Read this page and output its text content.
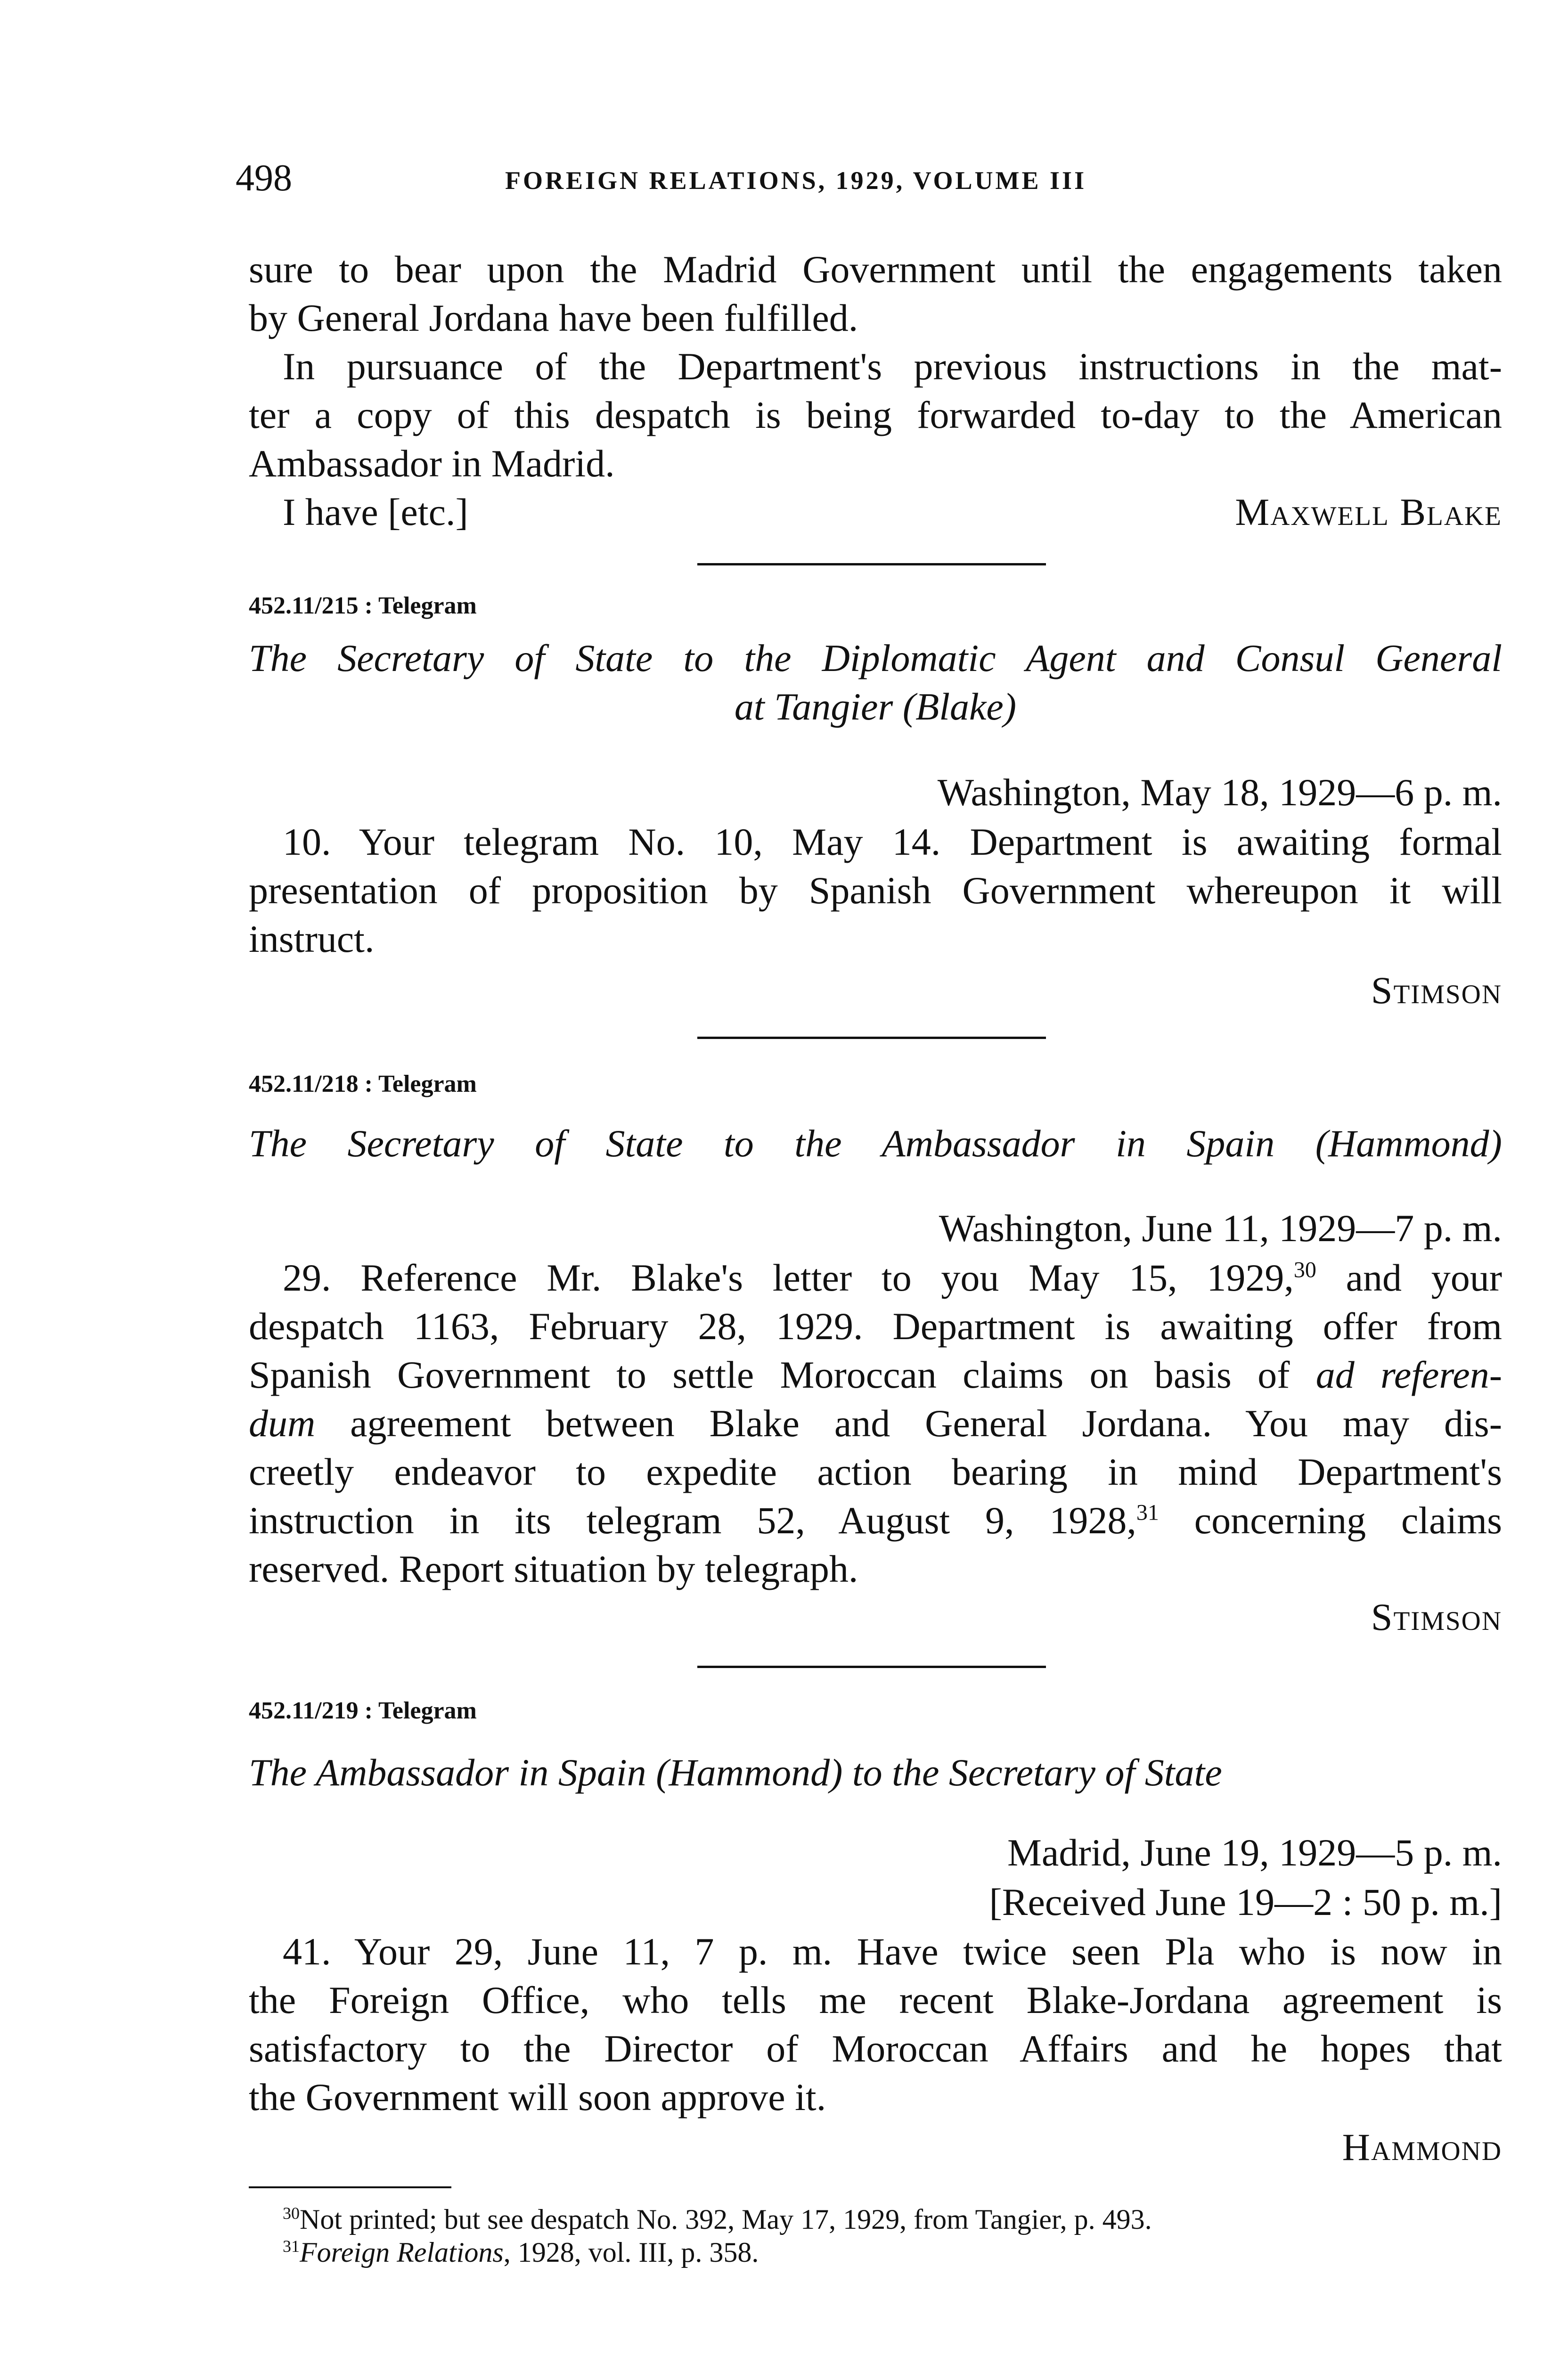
498	FOREIGN RELATIONS, 1929, VOLUME III
sure to bear upon the Madrid Government until the engagements taken
by General Jordana have been fulfilled.
In pursuance of the Department's previous instructions in the mat-
ter a copy of this despatch is being forwarded to-day to the American
Ambassador in Madrid.
I have [etc.]	Maxwell Blake
452.11/215 : Telegram
The Secretary of State to the Diplomatic Agent and Consul General
at Tangier (Blake)
Washington, May 18, 1929—6 p. m.
10. Your telegram No. 10, May 14. Department is awaiting formal
presentation of proposition by Spanish Government whereupon it will
instruct.
Stimson
452.11/218 : Telegram
The Secretary of State to the Ambassador in Spain (Hammond)
Washington, June 11, 1929—7 p. m.
29. Reference Mr. Blake's letter to you May 15, 1929,30 and your
despatch 1163, February 28, 1929. Department is awaiting offer from
Spanish Government to settle Moroccan claims on basis of ad referen-
dum agreement between Blake and General Jordana. You may dis-
creetly endeavor to expedite action bearing in mind Department's
instruction in its telegram 52, August 9, 1928,31 concerning claims
reserved. Report situation by telegraph.
Stimson
452.11/219 : Telegram
The Ambassador in Spain (Hammond) to the Secretary of State
Madrid, June 19, 1929—5 p. m.
[Received June 19—2 : 50 p. m.]
41. Your 29, June 11, 7 p. m. Have twice seen Pla who is now in
the Foreign Office, who tells me recent Blake-Jordana agreement is
satisfactory to the Director of Moroccan Affairs and he hopes that
the Government will soon approve it.
Hammond
$^{30}$Not printed; but see despatch No. 392, May 17, 1929, from Tangier, p. 493.
$^{31}$Foreign Relations, 1928, vol. III, p. 358.
